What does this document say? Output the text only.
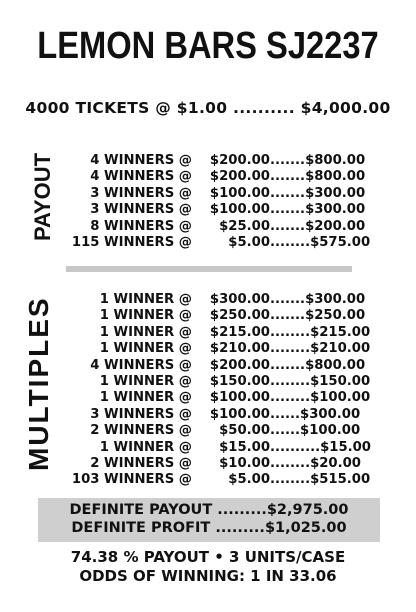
LEMON BARS SJ2237
4000 TICKETS @ $1.00 .......... $4,000.00
PAYOUT	4 WINNERS @ $200.00 .......$800.00
4 WINNERS @ $200.00 .......$800.00
3 WINNERS @ $100.00 .......$300.00
3 WINNERS @ $100.00 .......$300.00
8 WINNERS @ $25.00 .......$200.00
115 WINNERS @	$5.00 ........$575.00
MULTIPLES	1 WINNER @ $300.00 .......$300.00
1 WINNER @ $250.00 .......$250.00
1 WINNER @ $215.00 ........$215.00
1 WINNER @ $210.00 ........$210.00
4 WINNERS @ $200.00 .......$800.00
1 WINNER @ $150.00 ........$150.00
1 WINNER @ $100.00 ........$100.00
3 WINNERS @ $100.00 ......$300.00
2 WINNERS @ $50.00 ......$100.00
1 WINNER @ $15.00 ..........$15.00
2 WINNERS @ $10.00 ........$20.00
103 WINNERS @	$5.00 ........$515.00
DEFINITE PAYOUT .........$2,975.00
DEFINITE PROFIT .........$1,025.00
74.38 % PAYOUT • 3 UNITS/CASE
ODDS OF WINNING: 1 IN 33.06
